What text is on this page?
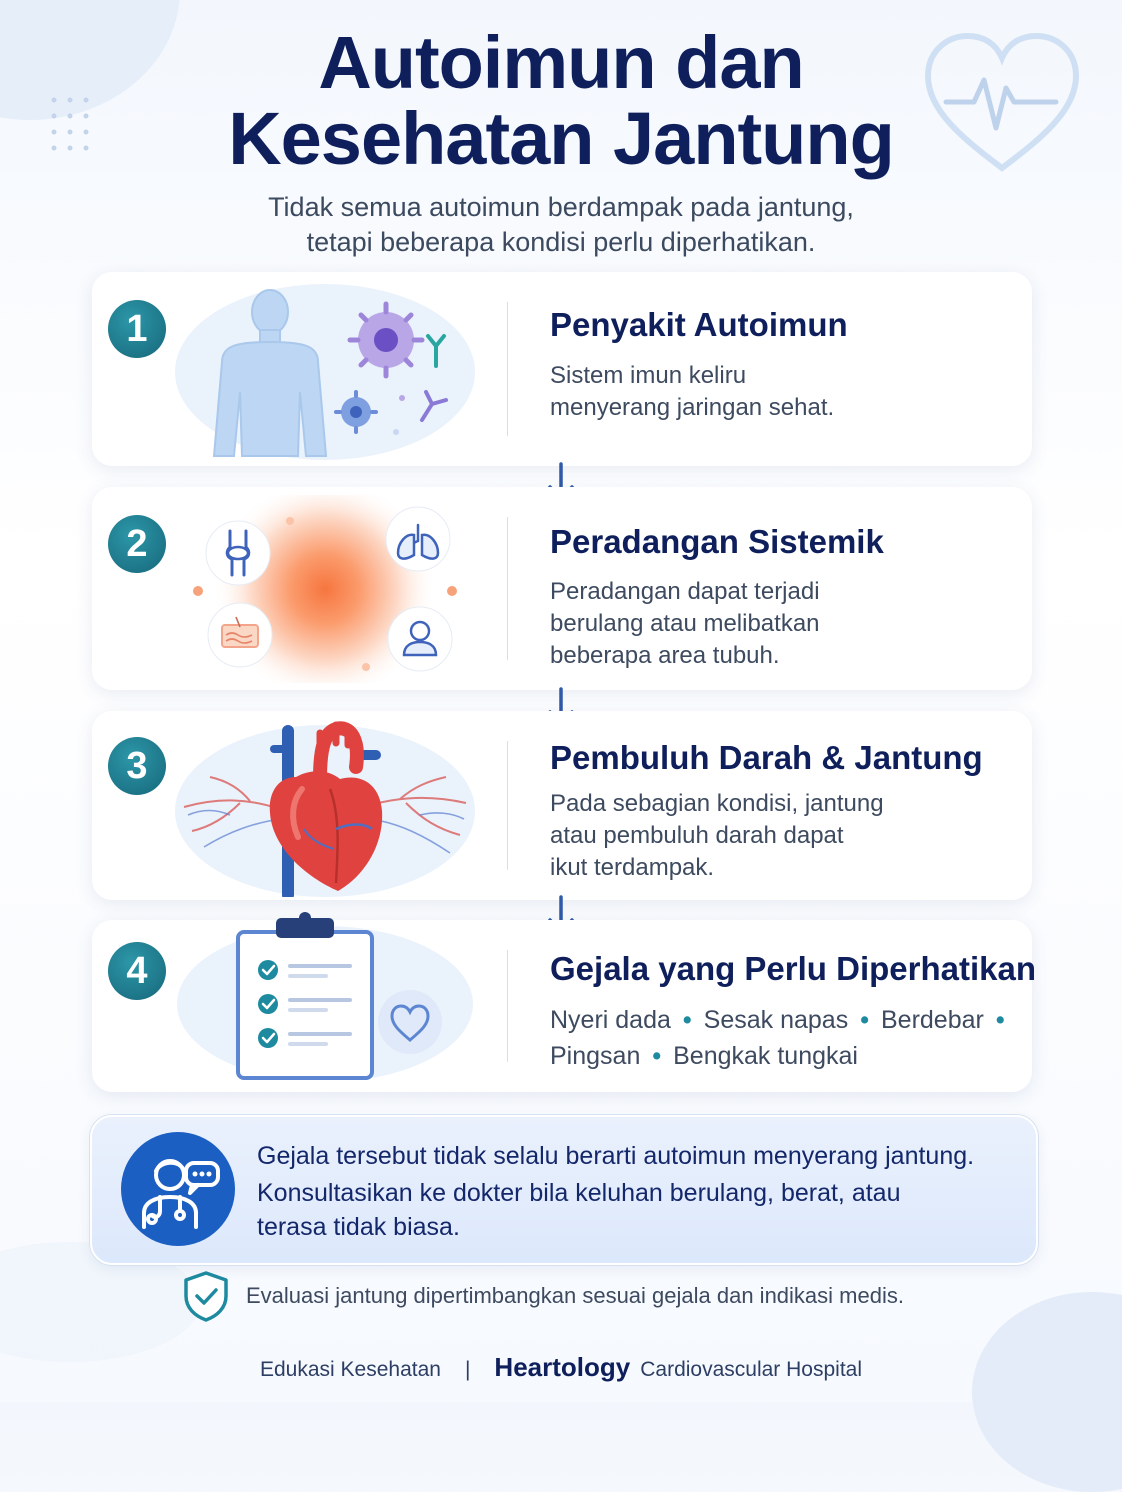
Autoimun dan
Kesehatan Jantung
Tidak semua autoimun berdampak pada jantung,
tetapi beberapa kondisi perlu diperhatikan.
1	Penyakit Autoimun
Sistem imun keliru
menyerang jaringan sehat.
2	Peradangan Sistemik
Peradangan dapat terjadi
berulang atau melibatkan
beberapa area tubuh.
3	Pembuluh Darah & Jantung
Pada sebagian kondisi, jantung
atau pembuluh darah dapat
ikut terdampak.
4	Gejala yang Perlu Diperhatikan
Nyeri dada • Sesak napas • Berdebar •
Pingsan • Bengkak tungkai
Gejala tersebut tidak selalu berarti autoimun menyerang jantung.
Konsultasikan ke dokter bila keluhan berulang, berat, atau
terasa tidak biasa.
Evaluasi jantung dipertimbangkan sesuai gejala dan indikasi medis.
Edukasi Kesehatan | Heartology Cardiovascular Hospital
